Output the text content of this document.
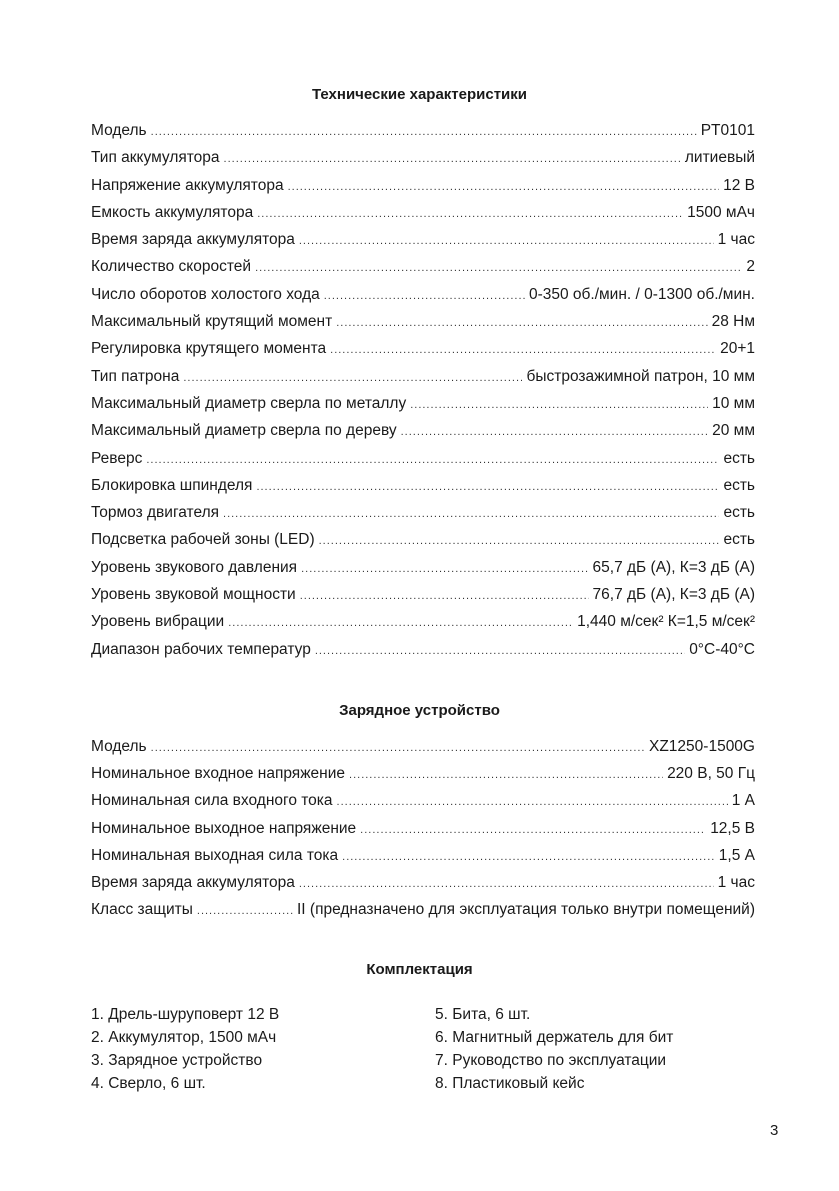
Технические характеристики
Модель .....	PT0101
Тип аккумулятора .....	литиевый
Напряжение аккумулятора .....	12 В
Емкость аккумулятора .....	1500 мАч
Время заряда аккумулятора .....	1 час
Количество скоростей .....	2
Число оборотов холостого хода .....	0-350 об./мин. / 0-1300 об./мин.
Максимальный крутящий момент .....	28 Нм
Регулировка крутящего момента .....	20+1
Тип патрона .....	быстрозажимной патрон, 10 мм
Максимальный диаметр сверла по металлу .....	10 мм
Максимальный диаметр сверла по дереву .....	20 мм
Реверс .....	есть
Блокировка шпинделя .....	есть
Тормоз двигателя .....	есть
Подсветка рабочей зоны (LED) .....	есть
Уровень звукового давления .....	65,7 дБ (А), К=3 дБ (А)
Уровень звуковой мощности .....	76,7 дБ (А), К=3 дБ (А)
Уровень вибрации .....	1,440 м/сек² К=1,5 м/сек²
Диапазон рабочих температур .....	0°С-40°С
Зарядное устройство
Модель .....	XZ1250-1500G
Номинальное входное напряжение .....	220 В, 50 Гц
Номинальная сила входного тока .....	1 А
Номинальное выходное напряжение .....	12,5 В
Номинальная выходная сила тока .....	1,5 А
Время заряда аккумулятора .....	1 час
Класс защиты .....	II (предназначено для эксплуатация только внутри помещений)
Комплектация
1. Дрель-шуруповерт 12 В
2. Аккумулятор, 1500 мАч
3. Зарядное устройство
4. Сверло, 6 шт.
5. Бита, 6 шт.
6. Магнитный держатель для бит
7. Руководство по эксплуатации
8. Пластиковый кейс
3
